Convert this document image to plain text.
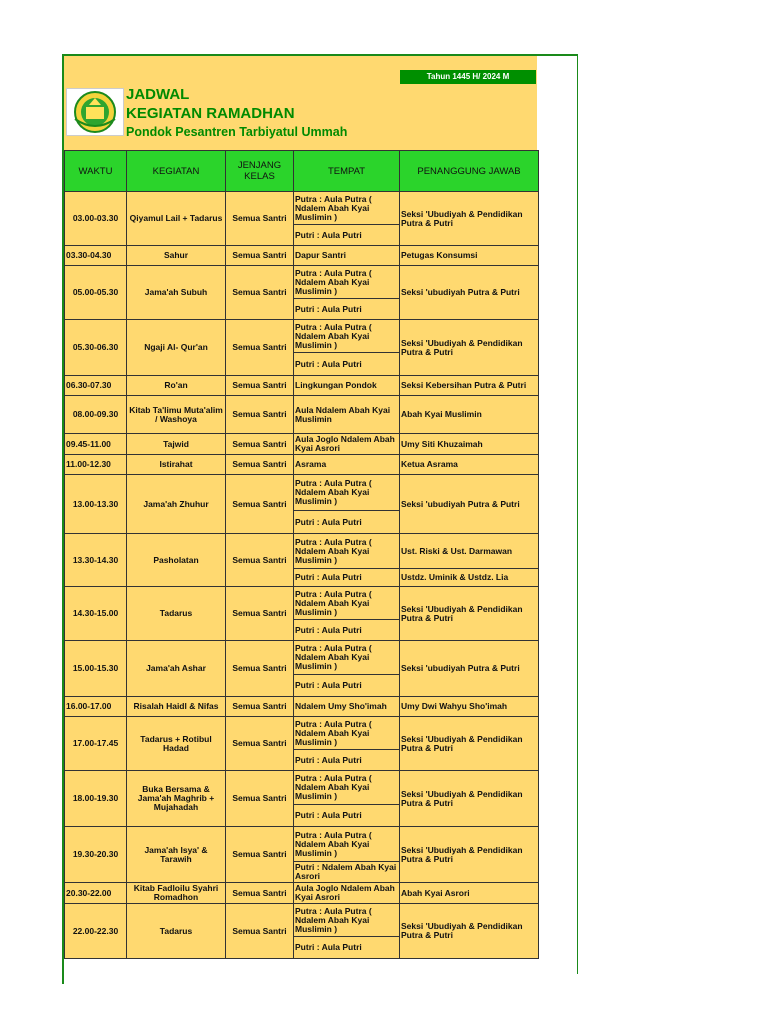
Tahun 1445 H/ 2024 M
JADWAL
KEGIATAN RAMADHAN
Pondok Pesantren Tarbiyatul Ummah
WAKTU	KEGIATAN	JENJANG KELAS	TEMPAT	PENANGGUNG JAWAB
03.00-03.30	Qiyamul Lail + Tadarus	Semua Santri	Putra : Aula Putra ( Ndalem Abah Kyai Muslimin )	Seksi 'Ubudiyah & Pendidikan Putra & Putri
			Putri : Aula Putri	
03.30-04.30	Sahur	Semua Santri	Dapur Santri	Petugas Konsumsi
05.00-05.30	Jama'ah Subuh	Semua Santri	Putra : Aula Putra ( Ndalem Abah Kyai Muslimin )	Seksi 'ubudiyah Putra & Putri
			Putri : Aula Putri	
05.30-06.30	Ngaji Al- Qur'an	Semua Santri	Putra : Aula Putra ( Ndalem Abah Kyai Muslimin )	Seksi 'Ubudiyah & Pendidikan Putra & Putri
			Putri : Aula Putri	
06.30-07.30	Ro'an	Semua Santri	Lingkungan Pondok	Seksi Kebersihan Putra & Putri
08.00-09.30	Kitab Ta'limu Muta'alim / Washoya	Semua Santri	Aula Ndalem Abah Kyai Muslimin	Abah Kyai Muslimin
09.45-11.00	Tajwid	Semua Santri	Aula Joglo Ndalem Abah Kyai Asrori	Umy Siti Khuzaimah
11.00-12.30	Istirahat	Semua Santri	Asrama	Ketua Asrama
13.00-13.30	Jama'ah Zhuhur	Semua Santri	Putra : Aula Putra ( Ndalem Abah Kyai Muslimin )	Seksi 'ubudiyah Putra & Putri
			Putri : Aula Putri	
13.30-14.30	Pasholatan	Semua Santri	Putra : Aula Putra ( Ndalem Abah Kyai Muslimin )	Ust. Riski & Ust. Darmawan
			Putri : Aula Putri	Ustdz. Uminik & Ustdz. Lia
14.30-15.00	Tadarus	Semua Santri	Putra : Aula Putra ( Ndalem Abah Kyai Muslimin )	Seksi 'Ubudiyah & Pendidikan Putra & Putri
			Putri : Aula Putri	
15.00-15.30	Jama'ah Ashar	Semua Santri	Putra : Aula Putra ( Ndalem Abah Kyai Muslimin )	Seksi 'ubudiyah Putra & Putri
			Putri : Aula Putri	
16.00-17.00	Risalah Haidl & Nifas	Semua Santri	Ndalem Umy Sho'imah	Umy Dwi Wahyu Sho'imah
17.00-17.45	Tadarus + Rotibul Hadad	Semua Santri	Putra : Aula Putra ( Ndalem Abah Kyai Muslimin )	Seksi 'Ubudiyah & Pendidikan Putra & Putri
			Putri : Aula Putri	
18.00-19.30	Buka Bersama & Jama'ah Maghrib + Mujahadah	Semua Santri	Putra : Aula Putra ( Ndalem Abah Kyai Muslimin )	Seksi 'Ubudiyah & Pendidikan Putra & Putri
			Putri : Aula Putri	
19.30-20.30	Jama'ah Isya' & Tarawih	Semua Santri	Putra : Aula Putra ( Ndalem Abah Kyai Muslimin )	Seksi 'Ubudiyah & Pendidikan Putra & Putri
			Putri : Ndalem Abah Kyai Asrori	
20.30-22.00	Kitab Fadloilu Syahri Romadhon	Semua Santri	Aula Joglo Ndalem Abah Kyai Asrori	Abah Kyai Asrori
22.00-22.30	Tadarus	Semua Santri	Putra : Aula Putra ( Ndalem Abah Kyai Muslimin )	Seksi 'Ubudiyah & Pendidikan Putra & Putri
			Putri : Aula Putri	
